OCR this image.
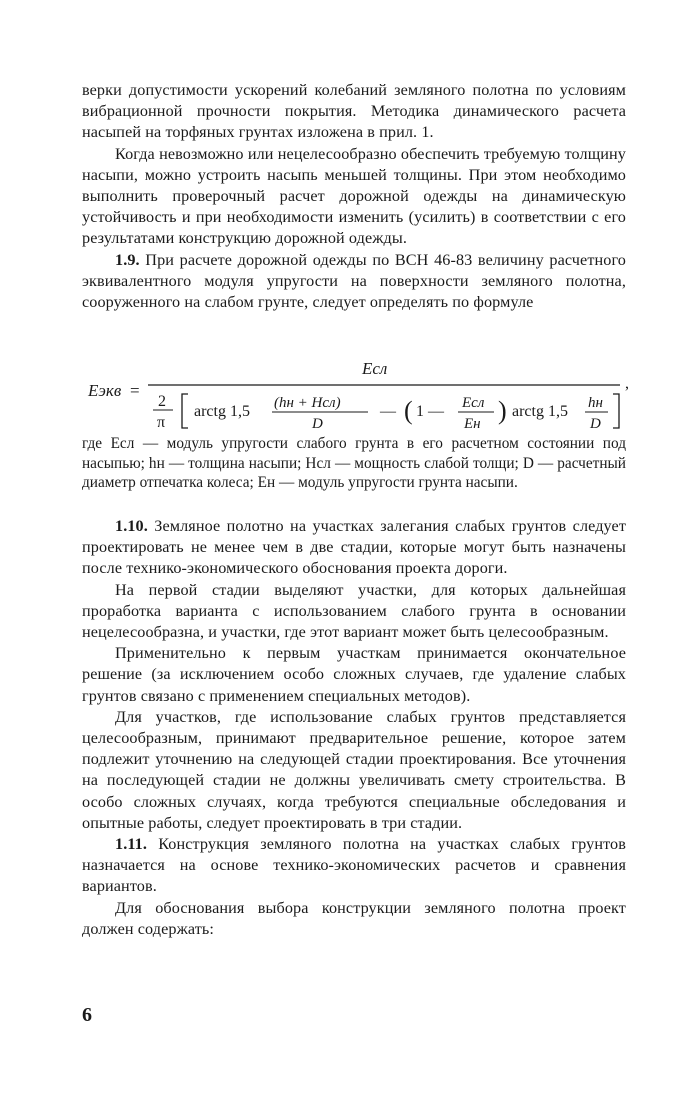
верки допустимости ускорений колебаний земляного полотна по условиям вибрационной прочности покрытия. Методика динамического расчета насыпей на торфяных грунтах изложена в прил. 1.

Когда невозможно или нецелесообразно обеспечить требуемую толщину насыпи, можно устроить насыпь меньшей толщины. При этом необходимо выполнить проверочный расчет дорожной одежды на динамическую устойчивость и при необходимости изменить (усилить) в соответствии с его результатами конструкцию дорожной одежды.

1.9. При расчете дорожной одежды по ВСН 46-83 величину расчетного эквивалентного модуля упругости на поверхности земляного полотна, сооруженного на слабом грунте, следует определять по формуле

Eэкв =
Eсл
2
π
arctg 1,5 (hн + Hсл)
D
— ( 1 — Eсл
Eн ) arctg 1,5 hн
D
,
где Eсл — модуль упругости слабого грунта в его расчетном состоянии под насыпью; hн — толщина насыпи; Hсл — мощность слабой толщи; D — расчетный диаметр отпечатка колеса; Eн — модуль упругости грунта насыпи.

1.10. Земляное полотно на участках залегания слабых грунтов следует проектировать не менее чем в две стадии, которые могут быть назначены после технико-экономического обоснования проекта дороги.

На первой стадии выделяют участки, для которых дальнейшая проработка варианта с использованием слабого грунта в основании нецелесообразна, и участки, где этот вариант может быть целесообразным.

Применительно к первым участкам принимается окончательное решение (за исключением особо сложных случаев, где удаление слабых грунтов связано с применением специальных методов).

Для участков, где использование слабых грунтов представляется целесообразным, принимают предварительное решение, которое затем подлежит уточнению на следующей стадии проектирования. Все уточнения на последующей стадии не должны увеличивать смету строительства. В особо сложных случаях, когда требуются специальные обследования и опытные работы, следует проектировать в три стадии.

1.11. Конструкция земляного полотна на участках слабых грунтов назначается на основе технико-экономических расчетов и сравнения вариантов.

Для обоснования выбора конструкции земляного полотна проект должен содержать:

6
